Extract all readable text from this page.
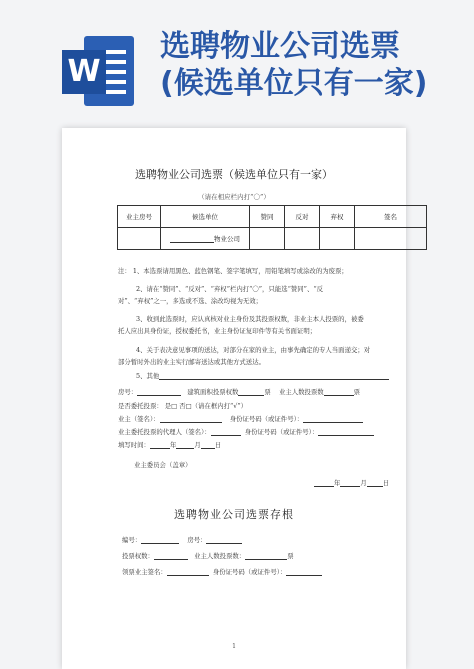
W
选聘物业公司选票
(候选单位只有一家)
选聘物业公司选票（候选单位只有一家）
（请在相应栏内打“〇”）
业主房号	候选单位	赞同	反对	弃权	签名
	物业公司				
注： 1、本选票请用黑色、蓝色钢笔、签字笔填写，用铅笔填写或涂改的为废票；
2、请在“赞同”、“反对”、“弃权”栏内打“〇”，只能选“赞同”、“反
对”、“弃权”之一，多选或不选、涂改均视为无效；
3、收到此选票时，应认真核对业主身份及其投票权数，非业主本人投票的，被委
托人应出具身份证，授权委托书，业主身份证复印件等有关书面证明；
4、关于表决意见事项的送达，对部分在家的业主，由事先确定的专人当面递交；对
部分暂时外出的业主实行邮寄送达或其他方式送达。
5、其他
房号：	建筑面积投票权数	票 业主人数投票数	票
是否委托投票： 是□ 否□（请在框内打“√”）
业主（签名）：	身份证号码（或证件号）：
业主委托投票的代理人（签名）：	身份证号码（或证件号）：
填写时间：	年	月 日
业主委员会（盖章）
年	月	日
选聘物业公司选票存根
编号：	房号：
投票权数：	业主人数投票数：	票
领票业主签名：	身份证号码（或证件号）：
1
